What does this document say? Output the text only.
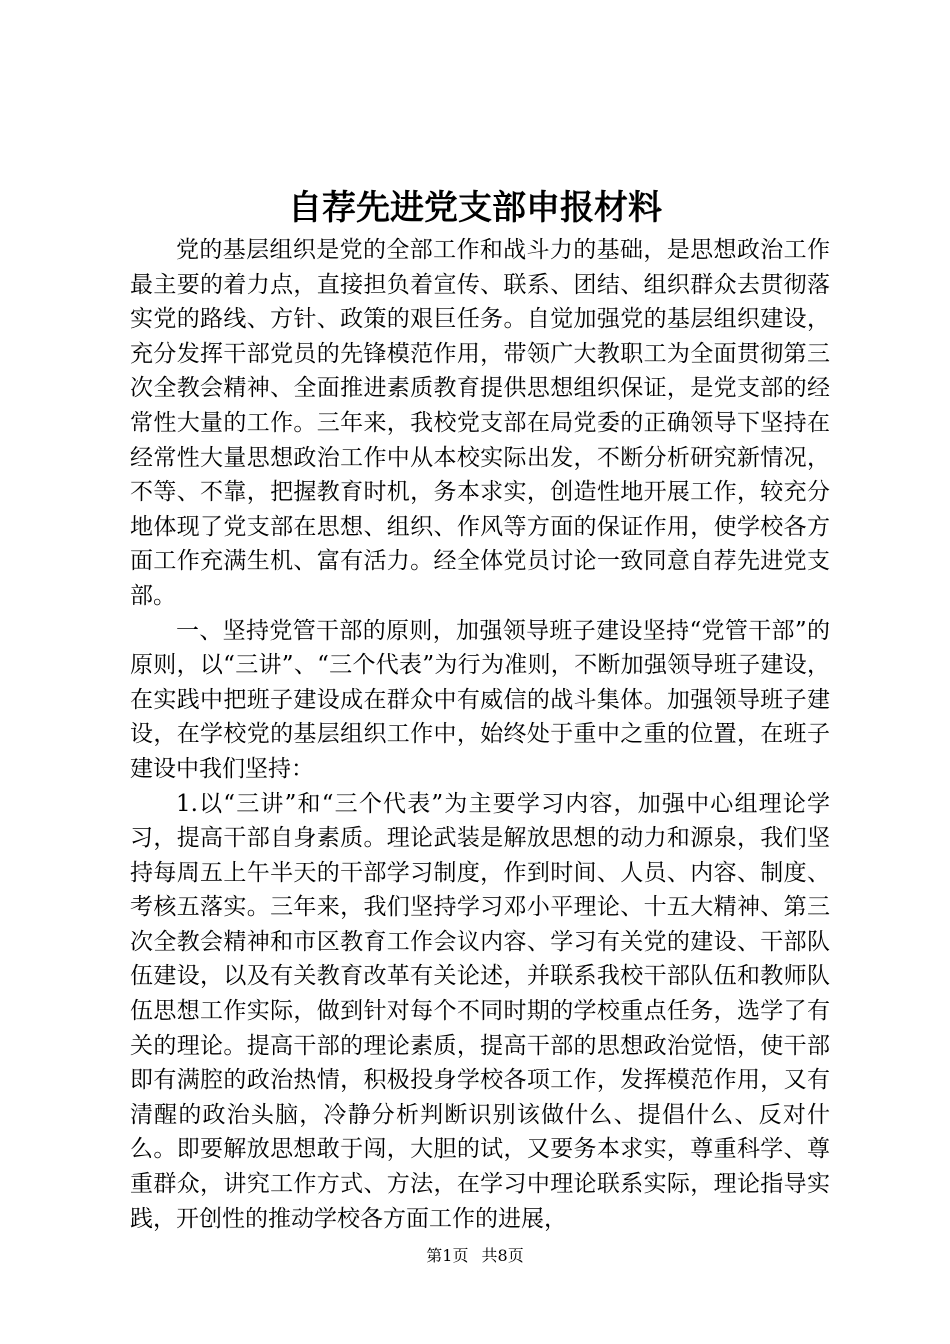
自荐先进党支部申报材料

党的基层组织是党的全部工作和战斗力的基础，是思想政治工作最主要的着力点，直接担负着宣传、联系、团结、组织群众去贯彻落实党的路线、方针、政策的艰巨任务。自觉加强党的基层组织建设，充分发挥干部党员的先锋模范作用，带领广大教职工为全面贯彻第三次全教会精神、全面推进素质教育提供思想组织保证，是党支部的经常性大量的工作。三年来，我校党支部在局党委的正确领导下坚持在经常性大量思想政治工作中从本校实际出发，不断分析研究新情况，不等、不靠，把握教育时机，务本求实，创造性地开展工作，较充分地体现了党支部在思想、组织、作风等方面的保证作用，使学校各方面工作充满生机、富有活力。经全体党员讨论一致同意自荐先进党支部。

一、坚持党管干部的原则，加强领导班子建设坚持“党管干部”的原则，以“三讲”、“三个代表”为行为准则，不断加强领导班子建设，在实践中把班子建设成在群众中有威信的战斗集体。加强领导班子建设，在学校党的基层组织工作中，始终处于重中之重的位置，在班子建设中我们坚持：

1.以“三讲”和“三个代表”为主要学习内容，加强中心组理论学习，提高干部自身素质。理论武装是解放思想的动力和源泉，我们坚持每周五上午半天的干部学习制度，作到时间、人员、内容、制度、考核五落实。三年来，我们坚持学习邓小平理论、十五大精神、第三次全教会精神和市区教育工作会议内容、学习有关党的建设、干部队伍建设，以及有关教育改革有关论述，并联系我校干部队伍和教师队伍思想工作实际，做到针对每个不同时期的学校重点任务，选学了有关的理论。提高干部的理论素质，提高干部的思想政治觉悟，使干部即有满腔的政治热情，积极投身学校各项工作，发挥模范作用，又有清醒的政治头脑，冷静分析判断识别该做什么、提倡什么、反对什么。即要解放思想敢于闯，大胆的试，又要务本求实，尊重科学、尊重群众，讲究工作方式、方法，在学习中理论联系实际，理论指导实践，开创性的推动学校各方面工作的进展，

第1页 共8页
